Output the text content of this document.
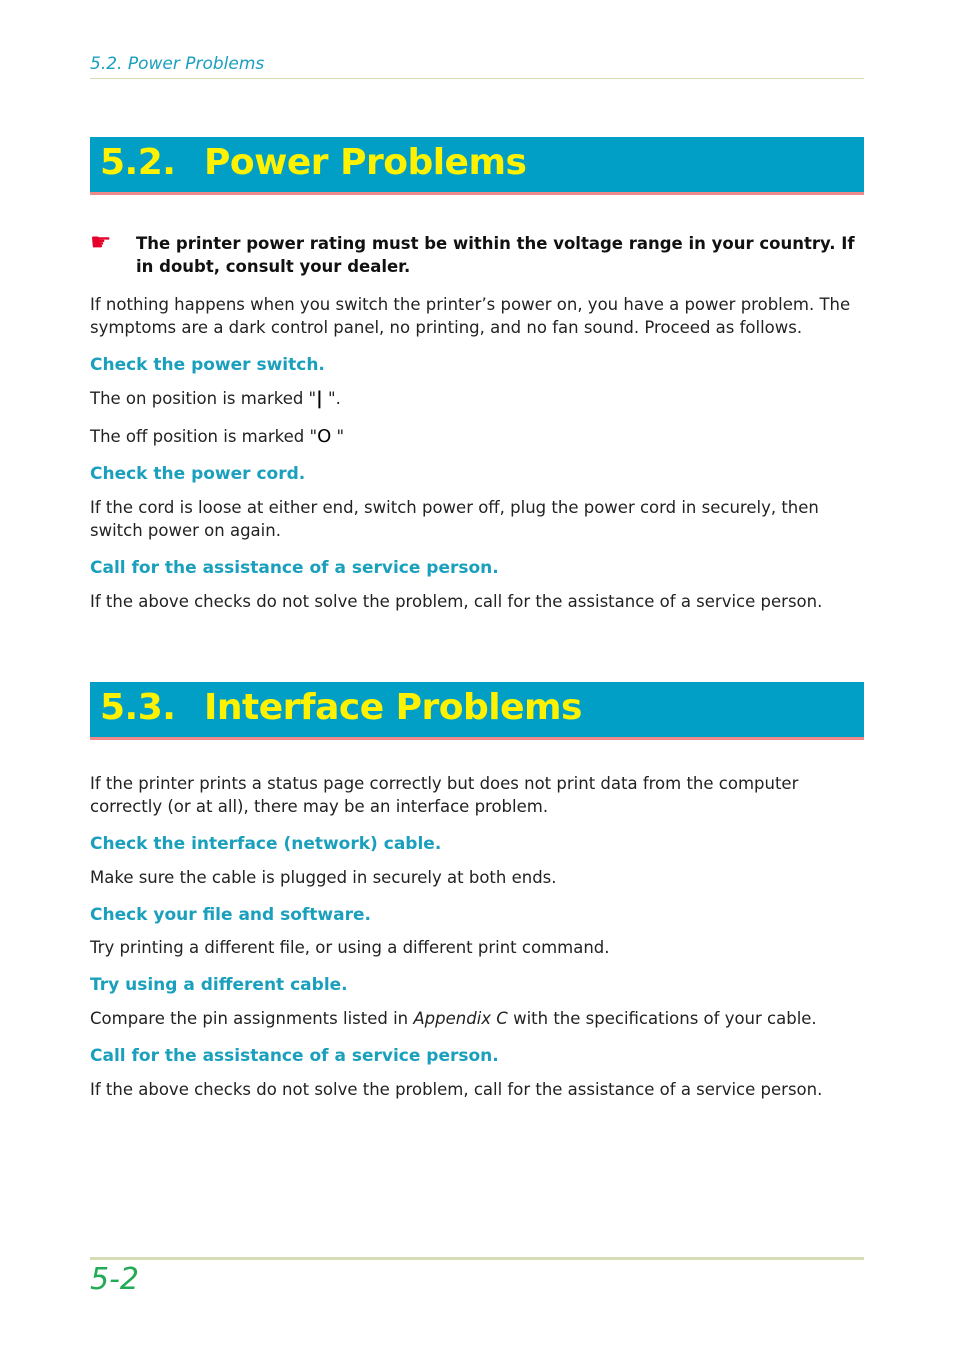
5.2. Power Problems
5.2. Power Problems
☛ The printer power rating must be within the voltage range in your country. If in doubt, consult your dealer.
If nothing happens when you switch the printer’s power on, you have a power problem. The symptoms are a dark control panel, no printing, and no fan sound. Proceed as follows.
Check the power switch.
The on position is marked "| ".
The off position is marked "O "
Check the power cord.
If the cord is loose at either end, switch power off, plug the power cord in securely, then switch power on again.
Call for the assistance of a service person.
If the above checks do not solve the problem, call for the assistance of a service person.
5.3. Interface Problems
If the printer prints a status page correctly but does not print data from the computer correctly (or at all), there may be an interface problem.
Check the interface (network) cable.
Make sure the cable is plugged in securely at both ends.
Check your file and software.
Try printing a different file, or using a different print command.
Try using a different cable.
Compare the pin assignments listed in Appendix C with the specifications of your cable.
Call for the assistance of a service person.
If the above checks do not solve the problem, call for the assistance of a service person.
5-2
